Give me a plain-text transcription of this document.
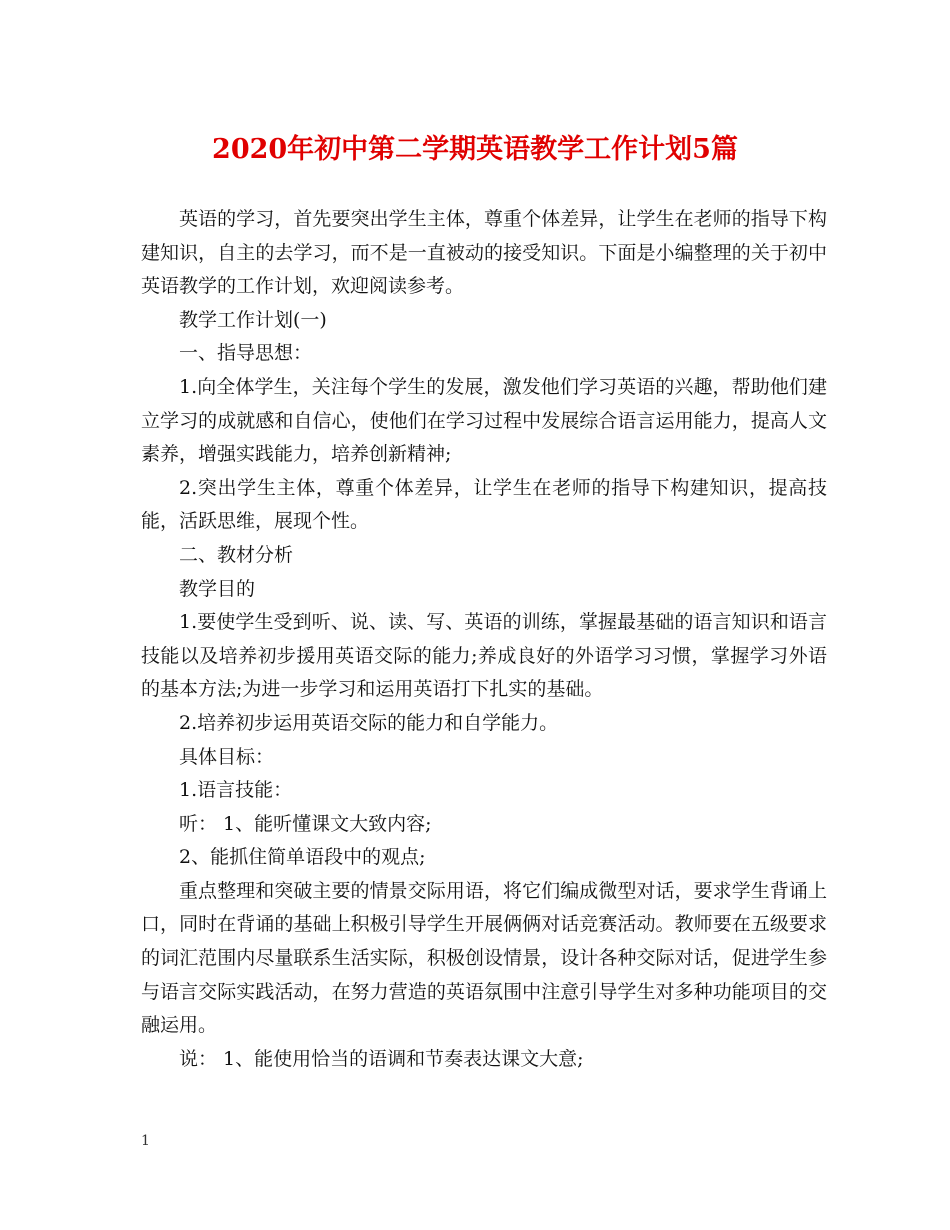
2020年初中第二学期英语教学工作计划5篇

英语的学习，首先要突出学生主体，尊重个体差异，让学生在老师的指导下构建知识，自主的去学习，而不是一直被动的接受知识。下面是小编整理的关于初中英语教学的工作计划，欢迎阅读参考。

教学工作计划(一)

一、指导思想：

1.向全体学生，关注每个学生的发展，激发他们学习英语的兴趣，帮助他们建立学习的成就感和自信心，使他们在学习过程中发展综合语言运用能力，提高人文素养，增强实践能力，培养创新精神;

2.突出学生主体，尊重个体差异，让学生在老师的指导下构建知识，提高技能，活跃思维，展现个性。

二、教材分析

教学目的

1.要使学生受到听、说、读、写、英语的训练，掌握最基础的语言知识和语言技能以及培养初步援用英语交际的能力;养成良好的外语学习习惯，掌握学习外语的基本方法;为进一步学习和运用英语打下扎实的基础。

2.培养初步运用英语交际的能力和自学能力。

具体目标：

1.语言技能：

听： 1、能听懂课文大致内容;

2、能抓住简单语段中的观点;

重点整理和突破主要的情景交际用语，将它们编成微型对话，要求学生背诵上口，同时在背诵的基础上积极引导学生开展俩俩对话竞赛活动。教师要在五级要求的词汇范围内尽量联系生活实际，积极创设情景，设计各种交际对话，促进学生参与语言交际实践活动，在努力营造的英语氛围中注意引导学生对多种功能项目的交融运用。

说： 1、能使用恰当的语调和节奏表达课文大意;

1
